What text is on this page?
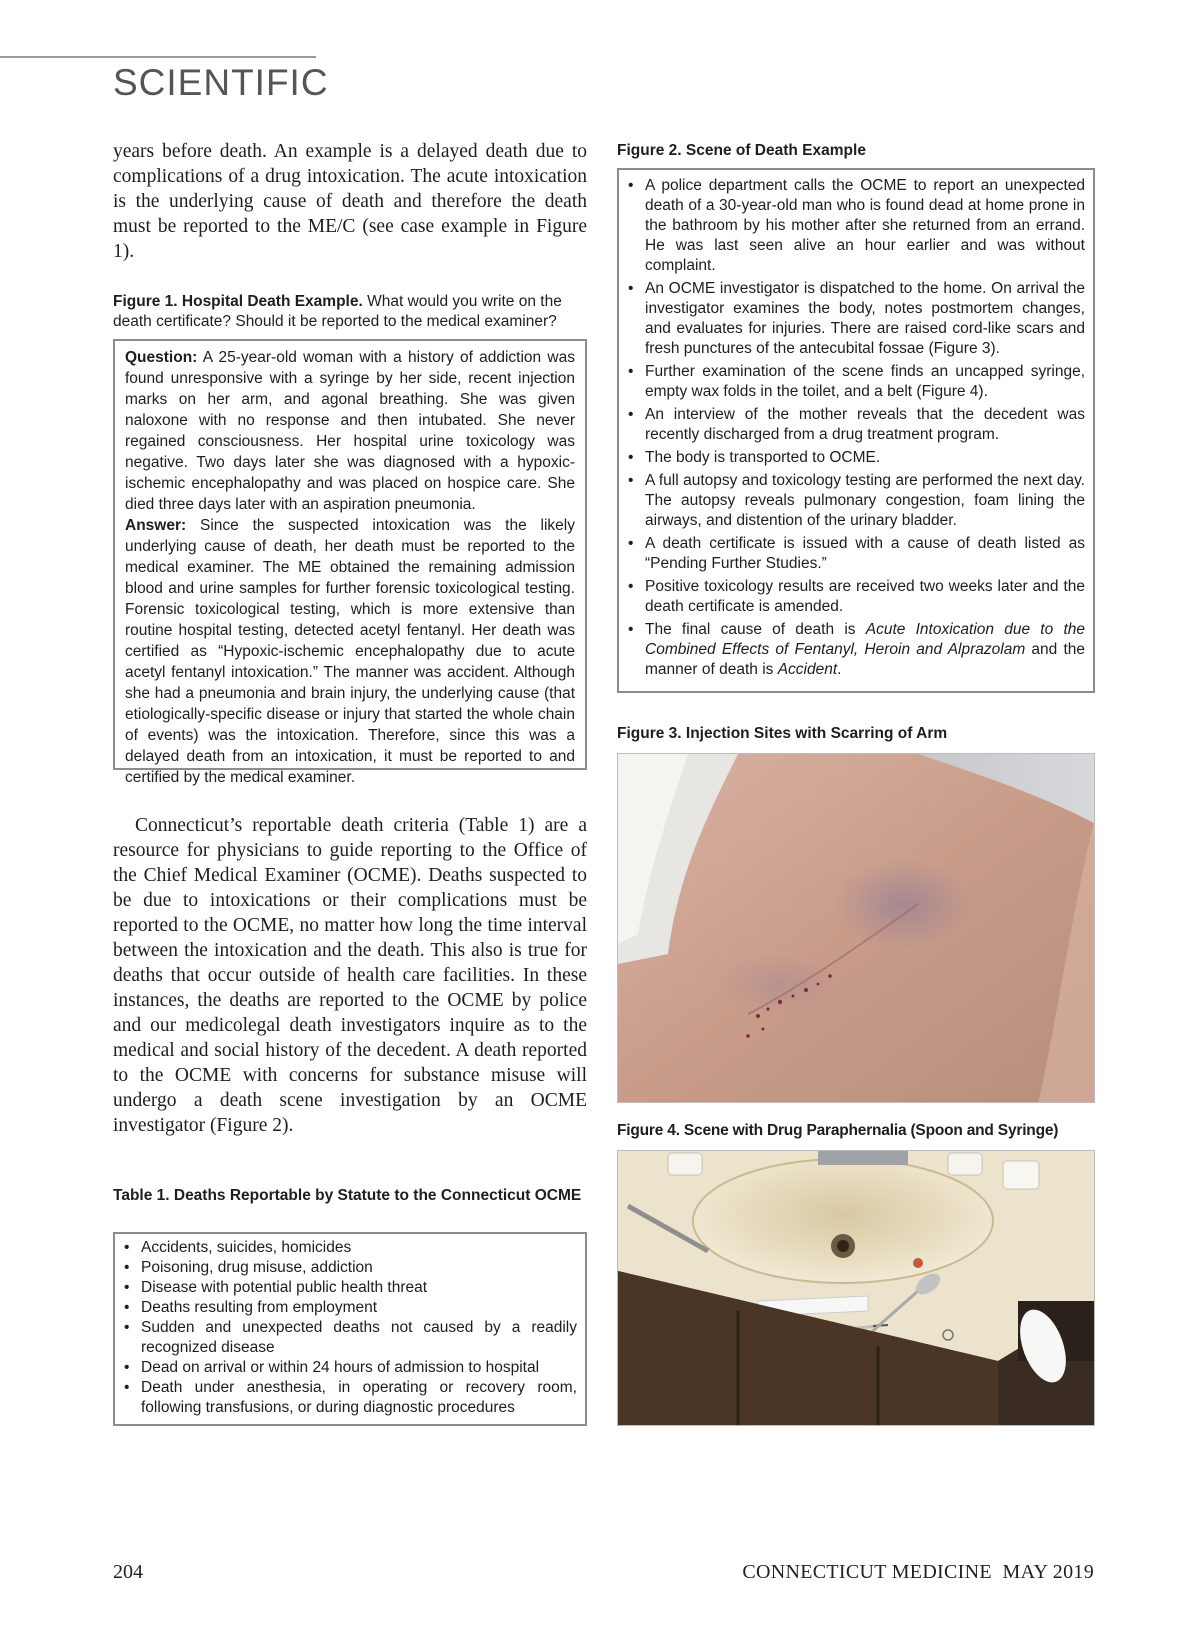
SCIENTIFIC

years before death. An example is a delayed death due to complications of a drug intoxication. The acute intoxication is the underlying cause of death and therefore the death must be reported to the ME/C (see case example in Figure 1).

Figure 1. Hospital Death Example. What would you write on the death certificate? Should it be reported to the medical examiner?

Question: A 25-year-old woman with a history of addiction was found unresponsive with a syringe by her side, recent injection marks on her arm, and agonal breathing. She was given naloxone with no response and then intubated. She never regained consciousness. Her hospital urine toxicology was negative. Two days later she was diagnosed with a hypoxic-ischemic encephalopathy and was placed on hospice care. She died three days later with an aspiration pneumonia.

Answer: Since the suspected intoxication was the likely underlying cause of death, her death must be reported to the medical examiner. The ME obtained the remaining admission blood and urine samples for further forensic toxicological testing. Forensic toxicological testing, which is more extensive than routine hospital testing, detected acetyl fentanyl. Her death was certified as “Hypoxic-ischemic encephalopathy due to acute acetyl fentanyl intoxication.” The manner was accident. Although she had a pneumonia and brain injury, the underlying cause (that etiologically-specific disease or injury that started the whole chain of events) was the intoxication. Therefore, since this was a delayed death from an intoxication, it must be reported to and certified by the medical examiner.

Connecticut’s reportable death criteria (Table 1) are a resource for physicians to guide reporting to the Office of the Chief Medical Examiner (OCME). Deaths suspected to be due to intoxications or their complications must be reported to the OCME, no matter how long the time interval between the intoxication and the death. This also is true for deaths that occur outside of health care facilities. In these instances, the deaths are reported to the OCME by police and our medicolegal death investigators inquire as to the medical and social history of the decedent. A death reported to the OCME with concerns for substance misuse will undergo a death scene investigation by an OCME investigator (Figure 2).

Table 1. Deaths Reportable by Statute to the Connecticut OCME

• Accidents, suicides, homicides
• Poisoning, drug misuse, addiction
• Disease with potential public health threat
• Deaths resulting from employment
• Sudden and unexpected deaths not caused by a readily recognized disease
• Dead on arrival or within 24 hours of admission to hospital
• Death under anesthesia, in operating or recovery room, following transfusions, or during diagnostic procedures

Figure 2. Scene of Death Example

• A police department calls the OCME to report an unexpected death of a 30-year-old man who is found dead at home prone in the bathroom by his mother after she returned from an errand. He was last seen alive an hour earlier and was without complaint.
• An OCME investigator is dispatched to the home. On arrival the investigator examines the body, notes postmortem changes, and evaluates for injuries. There are raised cord-like scars and fresh punctures of the antecubital fossae (Figure 3).
• Further examination of the scene finds an uncapped syringe, empty wax folds in the toilet, and a belt (Figure 4).
• An interview of the mother reveals that the decedent was recently discharged from a drug treatment program.
• The body is transported to OCME.
• A full autopsy and toxicology testing are performed the next day. The autopsy reveals pulmonary congestion, foam lining the airways, and distention of the urinary bladder.
• A death certificate is issued with a cause of death listed as “Pending Further Studies.”
• Positive toxicology results are received two weeks later and the death certificate is amended.
• The final cause of death is Acute Intoxication due to the Combined Effects of Fentanyl, Heroin and Alprazolam and the manner of death is Accident.

Figure 3. Injection Sites with Scarring of Arm

Figure 4. Scene with Drug Paraphernalia (Spoon and Syringe)

204	CONNECTICUT MEDICINE MAY 2019
